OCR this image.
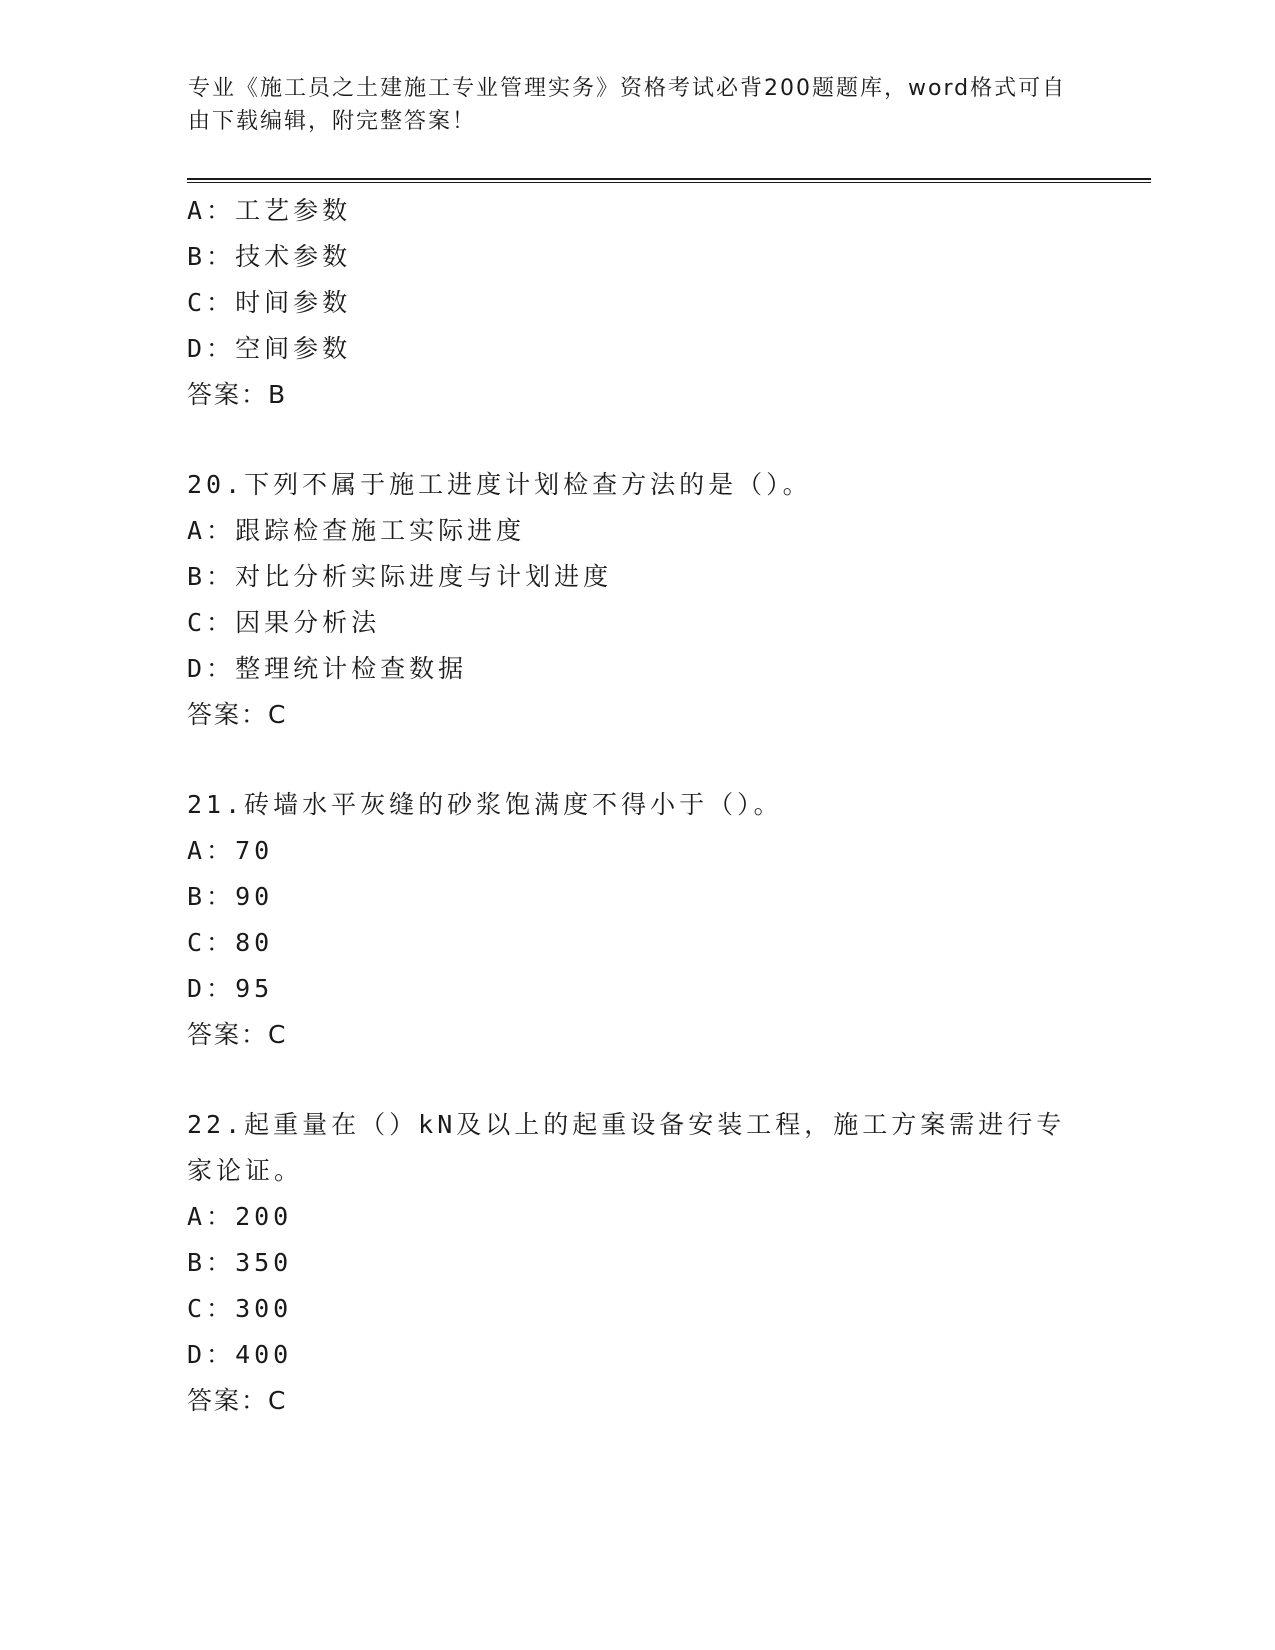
专业《施工员之土建施工专业管理实务》资格考试必背200题题库，word格式可自由下载编辑，附完整答案！
A：工艺参数
B：技术参数
C：时间参数
D：空间参数
答案：B
20.下列不属于施工进度计划检查方法的是（）。
A：跟踪检查施工实际进度
B：对比分析实际进度与计划进度
C：因果分析法
D：整理统计检查数据
答案：C
21.砖墙水平灰缝的砂浆饱满度不得小于（）。
A：70
B：90
C：80
D：95
答案：C
22.起重量在（）kN及以上的起重设备安装工程，施工方案需进行专家论证。
A：200
B：350
C：300
D：400
答案：C
